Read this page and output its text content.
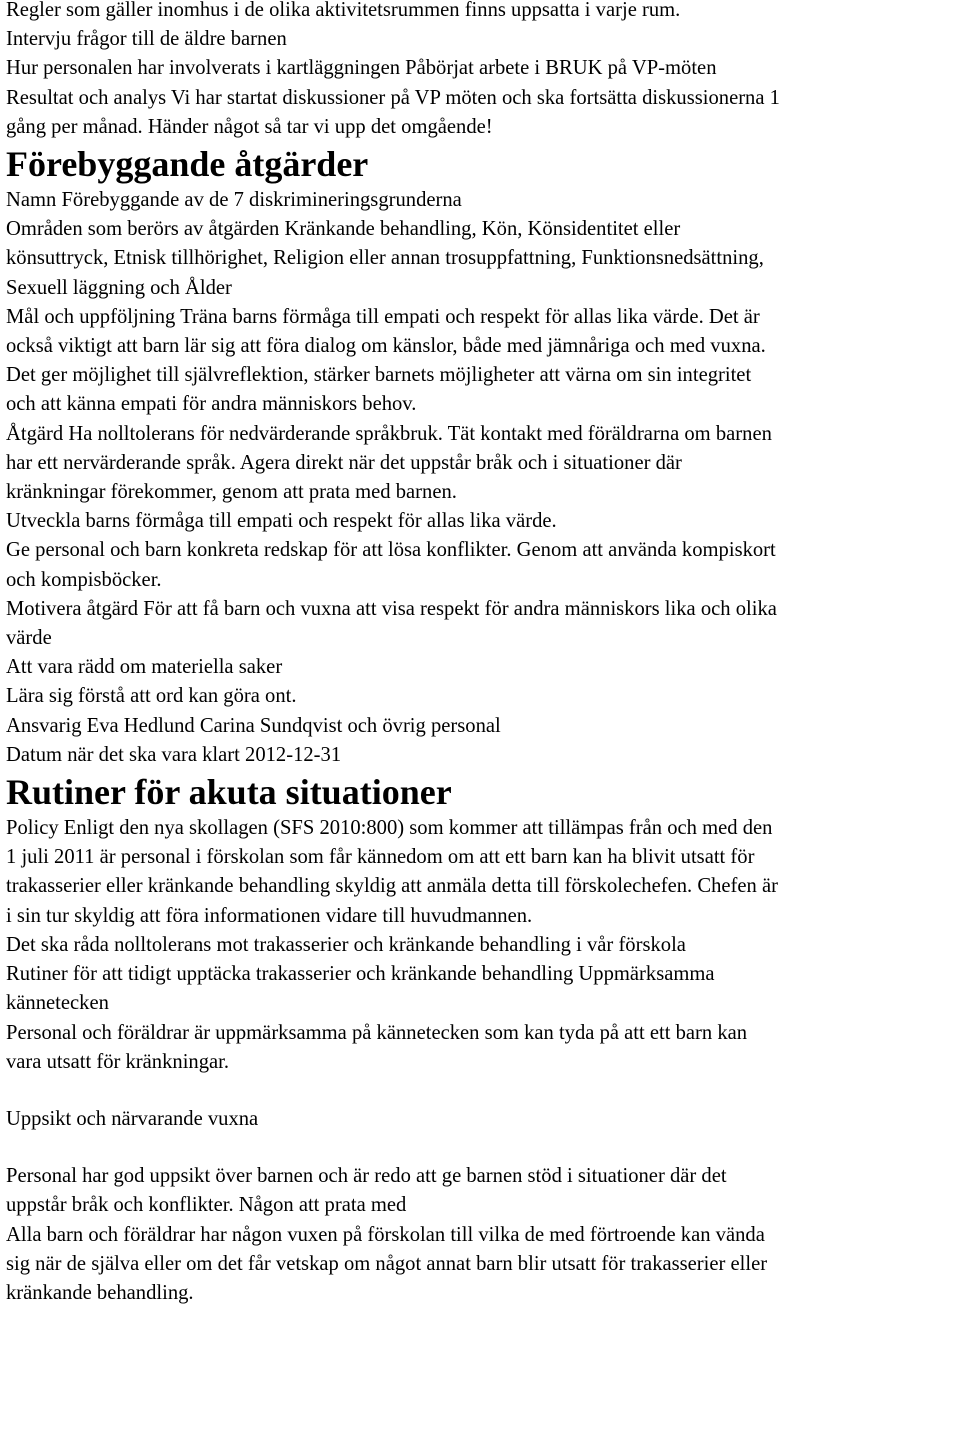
Regler som gäller inomhus i de olika aktivitetsrummen finns uppsatta i varje rum.
Intervju frågor till de äldre barnen
Hur personalen har involverats i kartläggningen Påbörjat arbete i BRUK på VP-möten
Resultat och analys Vi har startat diskussioner på VP möten och ska fortsätta diskussionerna 1
gång per månad. Händer något så tar vi upp det omgående!
Förebyggande åtgärder
Namn Förebyggande av de 7 diskrimineringsgrunderna
Områden som berörs av åtgärden Kränkande behandling, Kön, Könsidentitet eller
könsuttryck, Etnisk tillhörighet, Religion eller annan trosuppfattning, Funktionsnedsättning,
Sexuell läggning och Ålder
Mål och uppföljning Träna barns förmåga till empati och respekt för allas lika värde. Det är
också viktigt att barn lär sig att föra dialog om känslor, både med jämnåriga och med vuxna.
Det ger möjlighet till självreflektion, stärker barnets möjligheter att värna om sin integritet
och att känna empati för andra människors behov.
Åtgärd Ha nolltolerans för nedvärderande språkbruk. Tät kontakt med föräldrarna om barnen
har ett nervärderande språk. Agera direkt när det uppstår bråk och i situationer där
kränkningar förekommer, genom att prata med barnen.
Utveckla barns förmåga till empati och respekt för allas lika värde.
Ge personal och barn konkreta redskap för att lösa konflikter. Genom att använda kompiskort
och kompisböcker.
Motivera åtgärd För att få barn och vuxna att visa respekt för andra människors lika och olika
värde
Att vara rädd om materiella saker
Lära sig förstå att ord kan göra ont.
Ansvarig Eva Hedlund Carina Sundqvist och övrig personal
Datum när det ska vara klart 2012-12-31
Rutiner för akuta situationer
Policy Enligt den nya skollagen (SFS 2010:800) som kommer att tillämpas från och med den
1 juli 2011 är personal i förskolan som får kännedom om att ett barn kan ha blivit utsatt för
trakasserier eller kränkande behandling skyldig att anmäla detta till förskolechefen. Chefen är
i sin tur skyldig att föra informationen vidare till huvudmannen.
Det ska råda nolltolerans mot trakasserier och kränkande behandling i vår förskola
Rutiner för att tidigt upptäcka trakasserier och kränkande behandling Uppmärksamma
kännetecken
Personal och föräldrar är uppmärksamma på kännetecken som kan tyda på att ett barn kan
vara utsatt för kränkningar.
Uppsikt och närvarande vuxna
Personal har god uppsikt över barnen och är redo att ge barnen stöd i situationer där det
uppstår bråk och konflikter. Någon att prata med
Alla barn och föräldrar har någon vuxen på förskolan till vilka de med förtroende kan vända
sig när de själva eller om det får vetskap om något annat barn blir utsatt för trakasserier eller
kränkande behandling.
